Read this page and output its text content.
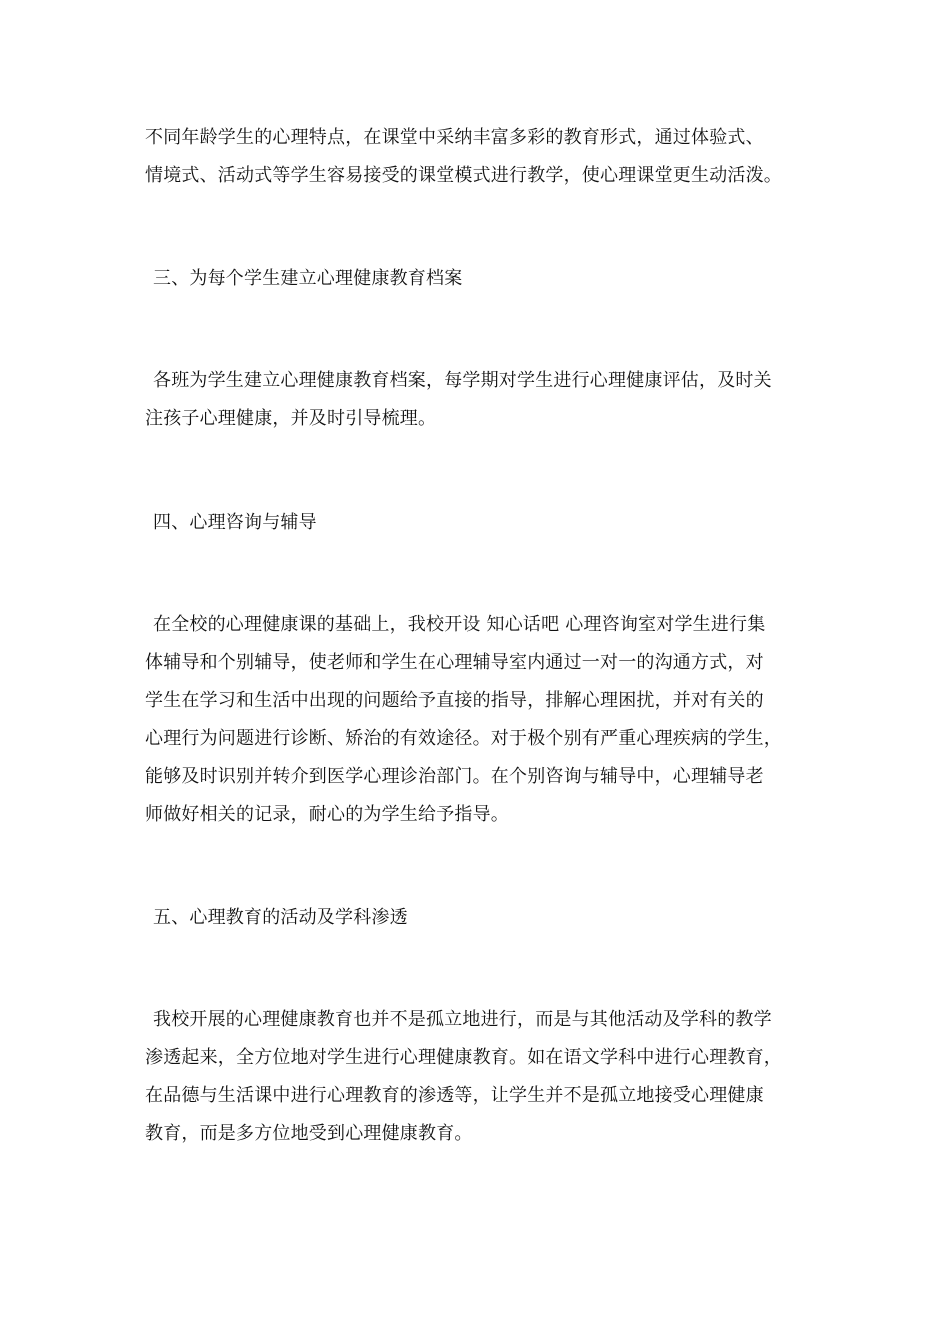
不同年龄学生的心理特点，在课堂中采纳丰富多彩的教育形式，通过体验式、
情境式、活动式等学生容易接受的课堂模式进行教学，使心理课堂更生动活泼。
三、为每个学生建立心理健康教育档案
各班为学生建立心理健康教育档案，每学期对学生进行心理健康评估，及时关
注孩子心理健康，并及时引导梳理。
四、心理咨询与辅导
在全校的心理健康课的基础上，我校开设 知心话吧 心理咨询室对学生进行集
体辅导和个别辅导，使老师和学生在心理辅导室内通过一对一的沟通方式，对
学生在学习和生活中出现的问题给予直接的指导，排解心理困扰，并对有关的
心理行为问题进行诊断、矫治的有效途径。对于极个别有严重心理疾病的学生，
能够及时识别并转介到医学心理诊治部门。在个别咨询与辅导中，心理辅导老
师做好相关的记录，耐心的为学生给予指导。
五、心理教育的活动及学科渗透
我校开展的心理健康教育也并不是孤立地进行，而是与其他活动及学科的教学
渗透起来，全方位地对学生进行心理健康教育。如在语文学科中进行心理教育，
在品德与生活课中进行心理教育的渗透等，让学生并不是孤立地接受心理健康
教育，而是多方位地受到心理健康教育。
